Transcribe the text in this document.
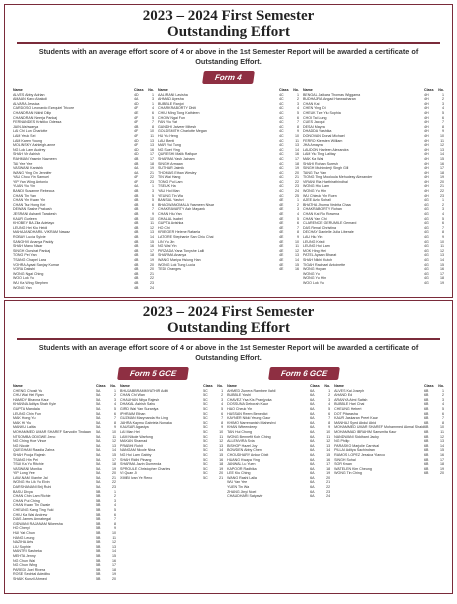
2023 – 2024 First Semester
Outstanding Effort
Students with an average effort score of 4 or above in the 1st Semester Report will be awarded a certificate of Outstanding Effort.
Form 4
Name	Class	No.
ALVES Abby Adrian	4D	1
AMAAN Karo Abakoli	4A	3
ALVARA Jessica	4D	1
CARDOSO Leonardo Ezequiel Tricore	4F	4
CHANDRAN Nikhil Dilip	4E	6
CHANDRAN Neerja Pankaj	4F	5
FERNANDES Kristiko Odessa	4F	7
JAIN Aishwarya	4B	8
LAI Chi Lun Charlotte	4F	10
LAM Yeuk Sei	4F	11
LAM Karen Young	4D	13
MOLINSKY Ashleigh-anne	4F	13
NG Lok Lam Audrey	4D	16
SHAH Vir Ashish	4D	17
RAHMAN Yasmin Nazneen	4B	17
TAI Yee Yee	4B	18
VASWANI Kanishk	4A	19
WANG Ying On Jennifer	4A	21
YAU Chou Yin Samuel	4F	22
YIP Yan Wing Antonio	4F	23
YUAN Yiu Yin	4A	1
BANDI Susanne Rebecca	4B	3
CHAN Tin Yan	4B	5
CHAN Yin Kwan Yin	4B	5
CHAN Tsz Hong Kei	4B	6
DEWAN Sashe Prakash	4B	7
JESRANI Ashanti Tarakesh	4B	9
KAUR Gurleen	4B	10
KHOBEY BA Zila Adetayo	4B	11
LEUNG Hei Kiu Heidi	4B	12
MAHAJANDHARIL VIKRAM Nawaz	4B	13
ROBAY Lucía Sylvie	4B	14
SANGHVI Ananya Paddy	4B	15
SHAH Manu Nisar	4B	16
SINGH Gursirat Pankaj	4B	17
TONG Pei Yan	4B	18
TSANG Chapel Lara	4B	19
VOHRA Ayaat Sanjay Kumar	4B	20
VORA Dakshi	4B	20
WONG Ngai Ching	4B	21
WOO Lok Yu	4B	22
WU Ka Wing Stephen	4B	23
WONG Yan	4B	24
Name	Class	No.
AALIRANI Lavisha	4C	1
AHMAD Ayesha	4C	2
BUBBLE Ranjot	4C	3
CHARKRABORTY Dhiti	4C	4
CHIU Ming Tong Kathleen	4C	5
CHOW Ngai Fun	4C	6
FAN Yiu Yat	4C	7
GANDHI Jaiveer Mitesh	4C	8
GOLDSMITH Charlotte Megan	4C	9
HU Yu Heng	4C	10
LAU Benti	4C	11
MAR Yui Tung	4C	13
NG Suet Ying	4C	14
QURESHI Malik Rafique	4C	16
SHARMA Yash Jainam	4C	17
SINGH Armaan	4C	18
SUTHAR Jaimik	4C	19
THOMAS Ethan Wesley	4C	20
TIN Wai Hang	4C	21
TONG Pui Lam	4C	22
TSEUK Ha	4C	23
YAU Hoi Man	4C	24
YEUNG Tin Wa	4C	25
BANSAL Yashvi	4E	1
BHAGWANOMALA Yasmeen Nisar	4E	2
CHAKRAVARTY Ash Mayank	4E	3
CHAN Hiu Yan	4E	4
GHALAL Isabel	4E	5
GUPTA Avishka	4E	6
HO Chi	4E	7
KRIEGER Helene Rafaela	4E	8
LATORE Stephanie San Chiu Chai	4E	9
LIN Yu Jin	4E	10
NG Wai Yin	4E	11
PIRZADA Yana Tonyshe Lalli	4E	12
SHARMA Ananya	4E	13
WANG Mariya Hsiung Han	4E	14
WONG Lok Tung Lucia	4E	15
TEDI Oranges	4E	16
Name	Class	No.
BENGAL Jaikara Thomas Wiggama	4H	1
BUDHAJRA Angad Harwacharan	4H	2
CHAN Kai	4H	3
CHEN Ying Di	4H	4
CHEUK Tze Yiu Sophia	4H	5
CHOI Tai Lung	4H	6
CUES Jacqui	4H	7
DESAI Mayra	4H	8
DHADDA Yashika	4H	9
DONOVAN Donal Michael	4H	10
FERRO Kiersten William	4H	11
JHA Amayra	4H	12
LAUDON Harleen Alexandra	4H	13
LAM Yiu Ting Lalitay	4H	14
MAK Ka Wai	4H	15
SHAHI Rohan Suresh	4H	16
SINGH Muhinderji Singh Gill	4H	17
TANG Tsz Yan	4H	18
TIONG Ting Mooloula Mehudesy Alexander	4H	19
VIRANI Ria Harthirathindhal	4H	20
WONG Hiu Lam	4H	21
WONG Yu Hin	4H	22
WU Chieuk Yin Ruen	4H	23
AJEE Azlo Sohail	4G	1
BHATHA Jhuma Vedrita Chaa	4G	2
CHAKRABORTY Rohan	4G	3
CHAN Kai Ro Rowena	4G	4
CHAN Yan Chi	4G	5
CLARENCE GERUMILE Gemard	4G	6
DAS Renal Christina	4G	7
DECHAY Danielle Julia Liberale	4G	8
LAU Hiu Yin	4G	9
LEUNG Kristi	4G	10
LEUNG Hoi Lam	4G	11
MOK Hing Hei	4G	12
PATEL Ayaan Bharat	4G	13
SHAH Nikhi Kutch	4G	14
TIGAH Rachael Antoinette	4G	15
WONG Hoyan	4G	16
WONG Yu	4G	17
WONG Yu Hin	4G	18
WOO Lok Yu	4G	19
2023 – 2024 First Semester
Outstanding Effort
Students with an average effort score of 4 or above in the 1st Semester Report will be awarded a certificate of Outstanding Effort.
Form 5 GCE	Form 6 GCE
Name	Class	No.
CHENG Chosit Yu	5A	1
CHU Wai Hei Ryan	5A	2
HAMIDY Bhavna Kaur	5A	3
KHANNA Aditya Shah Kyle	5A	4
GUPTA Mandala	5A	5
LEUNG Chin Fun	5A	6
MAK Hong Yu	5A	7
MAK Hi Yiu	5A	8
MANKU Lalita	5A	9
MOHAMMED UMAR SHAREF Sarvodin Tindaan	5A	10
NTSOMBA ODIGWE Jeno	5A	11
NG Ching Hoe Vince	5A	12
NG Nicole	5A	13
QUEGHAM Raadia Zahra	5A	14
SHAH Pooja Rajesh	5A	15
TSANG Hin Pei	5A	17
TSUI Ka Yu Ritchie	5A	18
VASWANI Monika	5A	19
YIP Long Yee	5A	20
LAW-NAM Xianhe Jal	5A	21
WONG Ho Lik Yu Elvin	5A	22
DARSHANANI Brij Ruhi	5A	23
BASU Divya	5B	1
CHAN Chin Lam Richie	5B	2
CHAN Pui Ching	5B	3
CHAN Kwan Tin Gwaie	5B	4
CHEUNG Kang Ting Yuki	5B	5
CHIU Ka Wai Andrew	5B	6
DIAS James Annabegal	5B	7
GIDWANI RAJANAM Nikeesha	5B	8
HO Cheryl	5B	9
HUI Yat Chun	5B	10
HANG Leung	5B	11
NAZIHA Arts	5B	12
LIU Sophie	5B	13
MANTRI Sasheka	5B	14
MEHTA Jenny	5B	15
NG Chun Wai	5B	16
NG Chun Wing	5B	17
PAREDI Joel Rivera	5B	18
ROSE Sechtal Adedibu	5B	19
SHAIK Kunzil Ahmed	5B	20
Name	Class	No.
BHUJABBRAMMYATHIR Aditi	5C	1
CHAN Chi Wan	5C	2
CHAUHAN Nitya Rajesh	5C	3
DHAKAL Ashish Sahu	5C	4
GIRD Wai Yan Suraniya	5C	5
IPHRAIM Ethan	5C	6
GUZMAN Marynanda Ho Ling	5C	7
JAHRA Kaymu Gabriela Nonaka	5C	8
KAUSAR Agastya	5C	9
LAI Man Hei	5C	10
LAM Nikole Warfong	5C	11
MAKAN Shamad	5C	12
PRABHI Rohit	5C	13
NANGAM Nicole Nina	5C	14
NG Hoi Lam Gabby	5C	15
SHAH Ridhi Pinang	5C	16
SHARMA Jazin Dumenda	5C	18
SPROULE Christopher Charles	5C	19
VI Quan Ji	5C	20
XIMBI Ivan Ye Reno	5C	21
Name	Class	No.
AHMED Zunera Rambee Ilahil	6A	1
BUBBLE Yoshi	6A	2
CHAVEZ Ysa Kis Pranjyoka	6A	3
DOSSUNA Deborah Kaur	6A	4
HAO Cheuk Yin	6A	5
HASSAN Reem Benedict	6A	6
KAYNER Nikki Yeung Gaur	6A	7
KHIMO Narrenanish Maheshvi	6A	8
KHAN Witeendeep	6A	9
TAN Hui Chong	6A	10
WONG Bennefit Koh Ching	6A	11
ALLENVIRA Svia	6A	12
BISHOP Hazel Joy	6A	13
BOWDEN Abby Chen	6A	14
CHOUDHARY Ankur Dixit	6A	15
HUANG Kwaya Ying	6A	16
JANWAL Lu Yuen	6A	17
KAPOOR Radhika	6A	18
LEE Kiu Ching	6A	19
WANG Rashi Laila	6A	20
WU Yan Yee	6A	21
YUEN Tin Wa	6A	22
ZHANG Jinyi Noel	6A	23
CHAUDHARI Satyavir	6A	24
Name	Class	No.
ALVES Kai Joseph	6B	1
AHAND Ed	6B	2
ARANYA Atmi Satish	6B	3
BUBBLE Hari Chai	6B	4
CHEUNG Hebert	6B	5
DOT Pitarasha	6B	6
KAUR Jaskaran Preet Kaur	6B	7
MANHAJ Syed Abdul Abid	6B	8
MOHAMMED UMAR SHAREF Mohammed Akmal Shaid 6B	10
MOHAMMAD IBRAHIM Sansmita Kaur	6B	11
NANDWANI Siddhant Jacky	6B	12
NG Philip	6B	13
PARASKO Marjolie Carnival	6B	14
PILLAI Aditya Sachindran	6B	15
RAMOS LOPEZ Jessica Ylanco	6B	16
SINGH Sohal	6B	17
SOR Kwan	6B	18
WATELEN Kim Cheung	6B	19
WONG Tin Ching	6B	20
